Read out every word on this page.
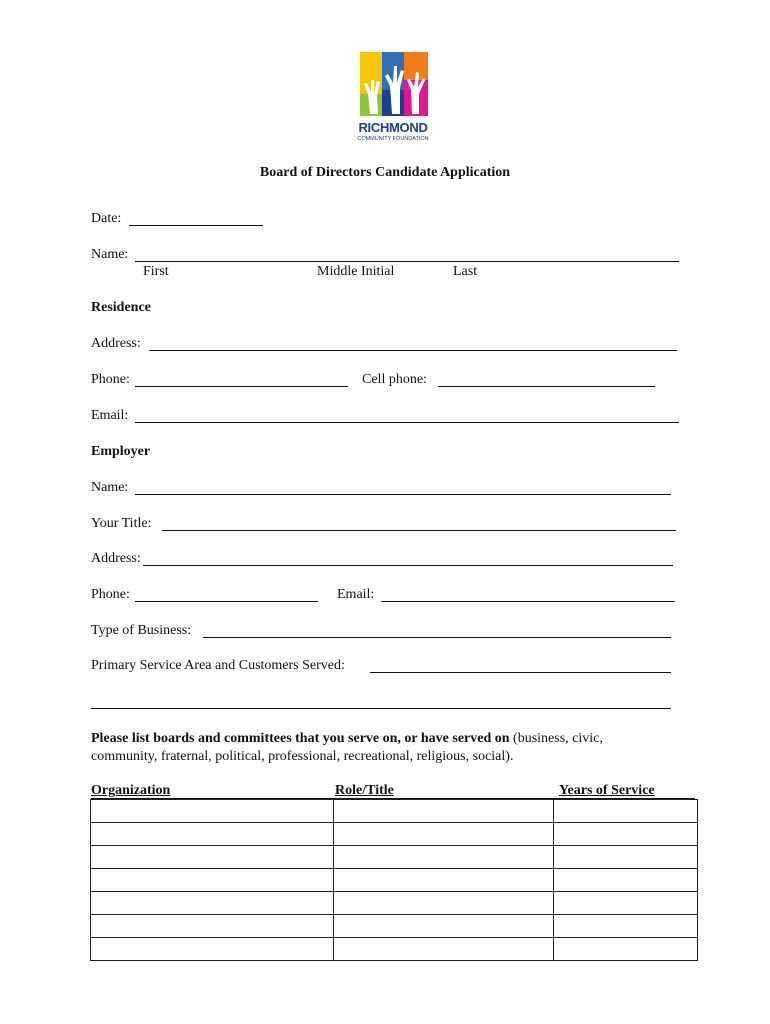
RICHMOND
COMMUNITY FOUNDATION
Board of Directors Candidate Application
Date:
Name:
First	Middle Initial	Last
Residence
Address:
Phone:	Cell phone:
Email:
Employer
Name:
Your Title:
Address:
Phone:	Email:
Type of Business:
Primary Service Area and Customers Served:
Please list boards and committees that you serve on, or have served on (business, civic, community, fraternal, political, professional, recreational, religious, social).
Organization	Role/Title	Years of Service
